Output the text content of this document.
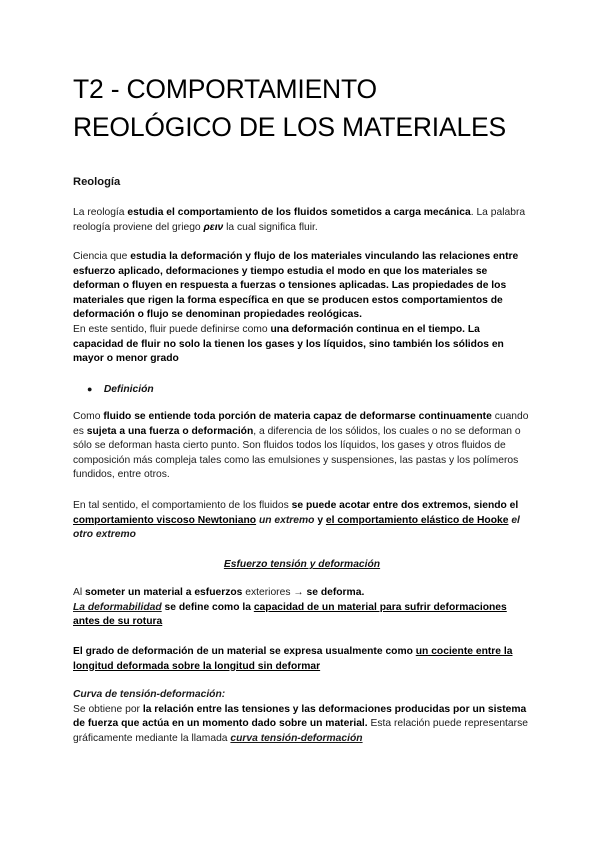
T2 - COMPORTAMIENTO
REOLÓGICO DE LOS MATERIALES

Reología

La reología estudia el comportamiento de los fluidos sometidos a carga mecánica. La palabra reología proviene del griego ρειν la cual significa fluir.

Ciencia que estudia la deformación y flujo de los materiales vinculando las relaciones entre esfuerzo aplicado, deformaciones y tiempo estudia el modo en que los materiales se deforman o fluyen en respuesta a fuerzas o tensiones aplicadas. Las propiedades de los materiales que rigen la forma específica en que se producen estos comportamientos de deformación o flujo se denominan propiedades reológicas.
En este sentido, fluir puede definirse como una deformación continua en el tiempo. La capacidad de fluir no solo la tienen los gases y los líquidos, sino también los sólidos en mayor o menor grado

● Definición

Como fluido se entiende toda porción de materia capaz de deformarse continuamente cuando es sujeta a una fuerza o deformación, a diferencia de los sólidos, los cuales o no se deforman o sólo se deforman hasta cierto punto. Son fluidos todos los líquidos, los gases y otros fluidos de composición más compleja tales como las emulsiones y suspensiones, las pastas y los polímeros fundidos, entre otros.

En tal sentido, el comportamiento de los fluidos se puede acotar entre dos extremos, siendo el comportamiento viscoso Newtoniano un extremo y el comportamiento elástico de Hooke el otro extremo

Esfuerzo tensión y deformación

Al someter un material a esfuerzos exteriores → se deforma.
La deformabilidad se define como la capacidad de un material para sufrir deformaciones antes de su rotura

El grado de deformación de un material se expresa usualmente como un cociente entre la longitud deformada sobre la longitud sin deformar

Curva de tensión-deformación:
Se obtiene por la relación entre las tensiones y las deformaciones producidas por un sistema de fuerza que actúa en un momento dado sobre un material. Esta relación puede representarse gráficamente mediante la llamada curva tensión-deformación
